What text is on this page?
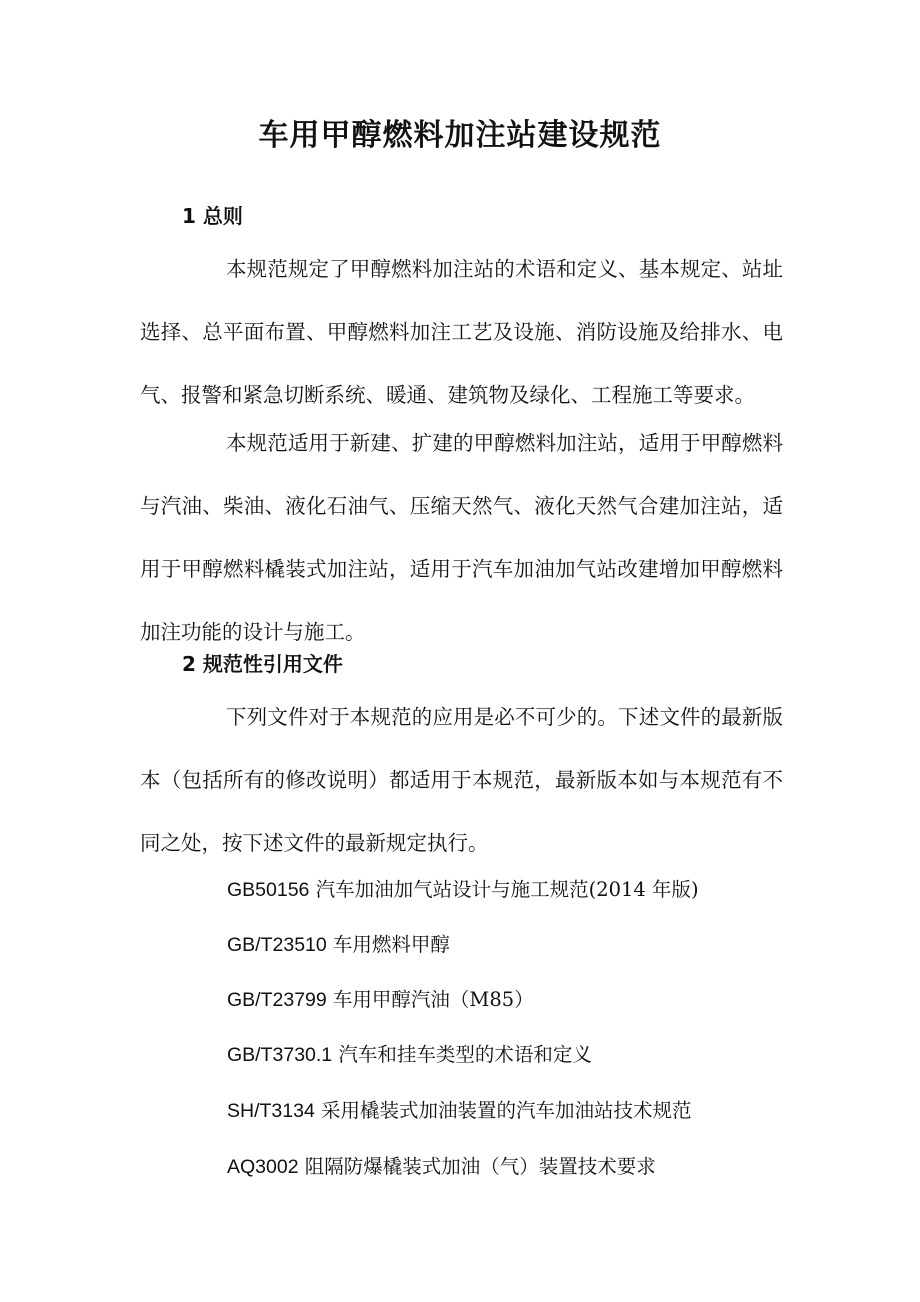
车用甲醇燃料加注站建设规范
1 总则

本规范规定了甲醇燃料加注站的术语和定义、基本规定、站址选择、总平面布置、甲醇燃料加注工艺及设施、消防设施及给排水、电气、报警和紧急切断系统、暖通、建筑物及绿化、工程施工等要求。

本规范适用于新建、扩建的甲醇燃料加注站，适用于甲醇燃料与汽油、柴油、液化石油气、压缩天然气、液化天然气合建加注站，适用于甲醇燃料橇装式加注站，适用于汽车加油加气站改建增加甲醇燃料加注功能的设计与施工。

2 规范性引用文件

下列文件对于本规范的应用是必不可少的。下述文件的最新版本（包括所有的修改说明）都适用于本规范，最新版本如与本规范有不同之处，按下述文件的最新规定执行。

GB50156 汽车加油加气站设计与施工规范(2014 年版)

GB/T23510 车用燃料甲醇

GB/T23799 车用甲醇汽油（M85）

GB/T3730.1 汽车和挂车类型的术语和定义

SH/T3134 采用橇装式加油装置的汽车加油站技术规范

AQ3002 阻隔防爆橇装式加油（气）装置技术要求
